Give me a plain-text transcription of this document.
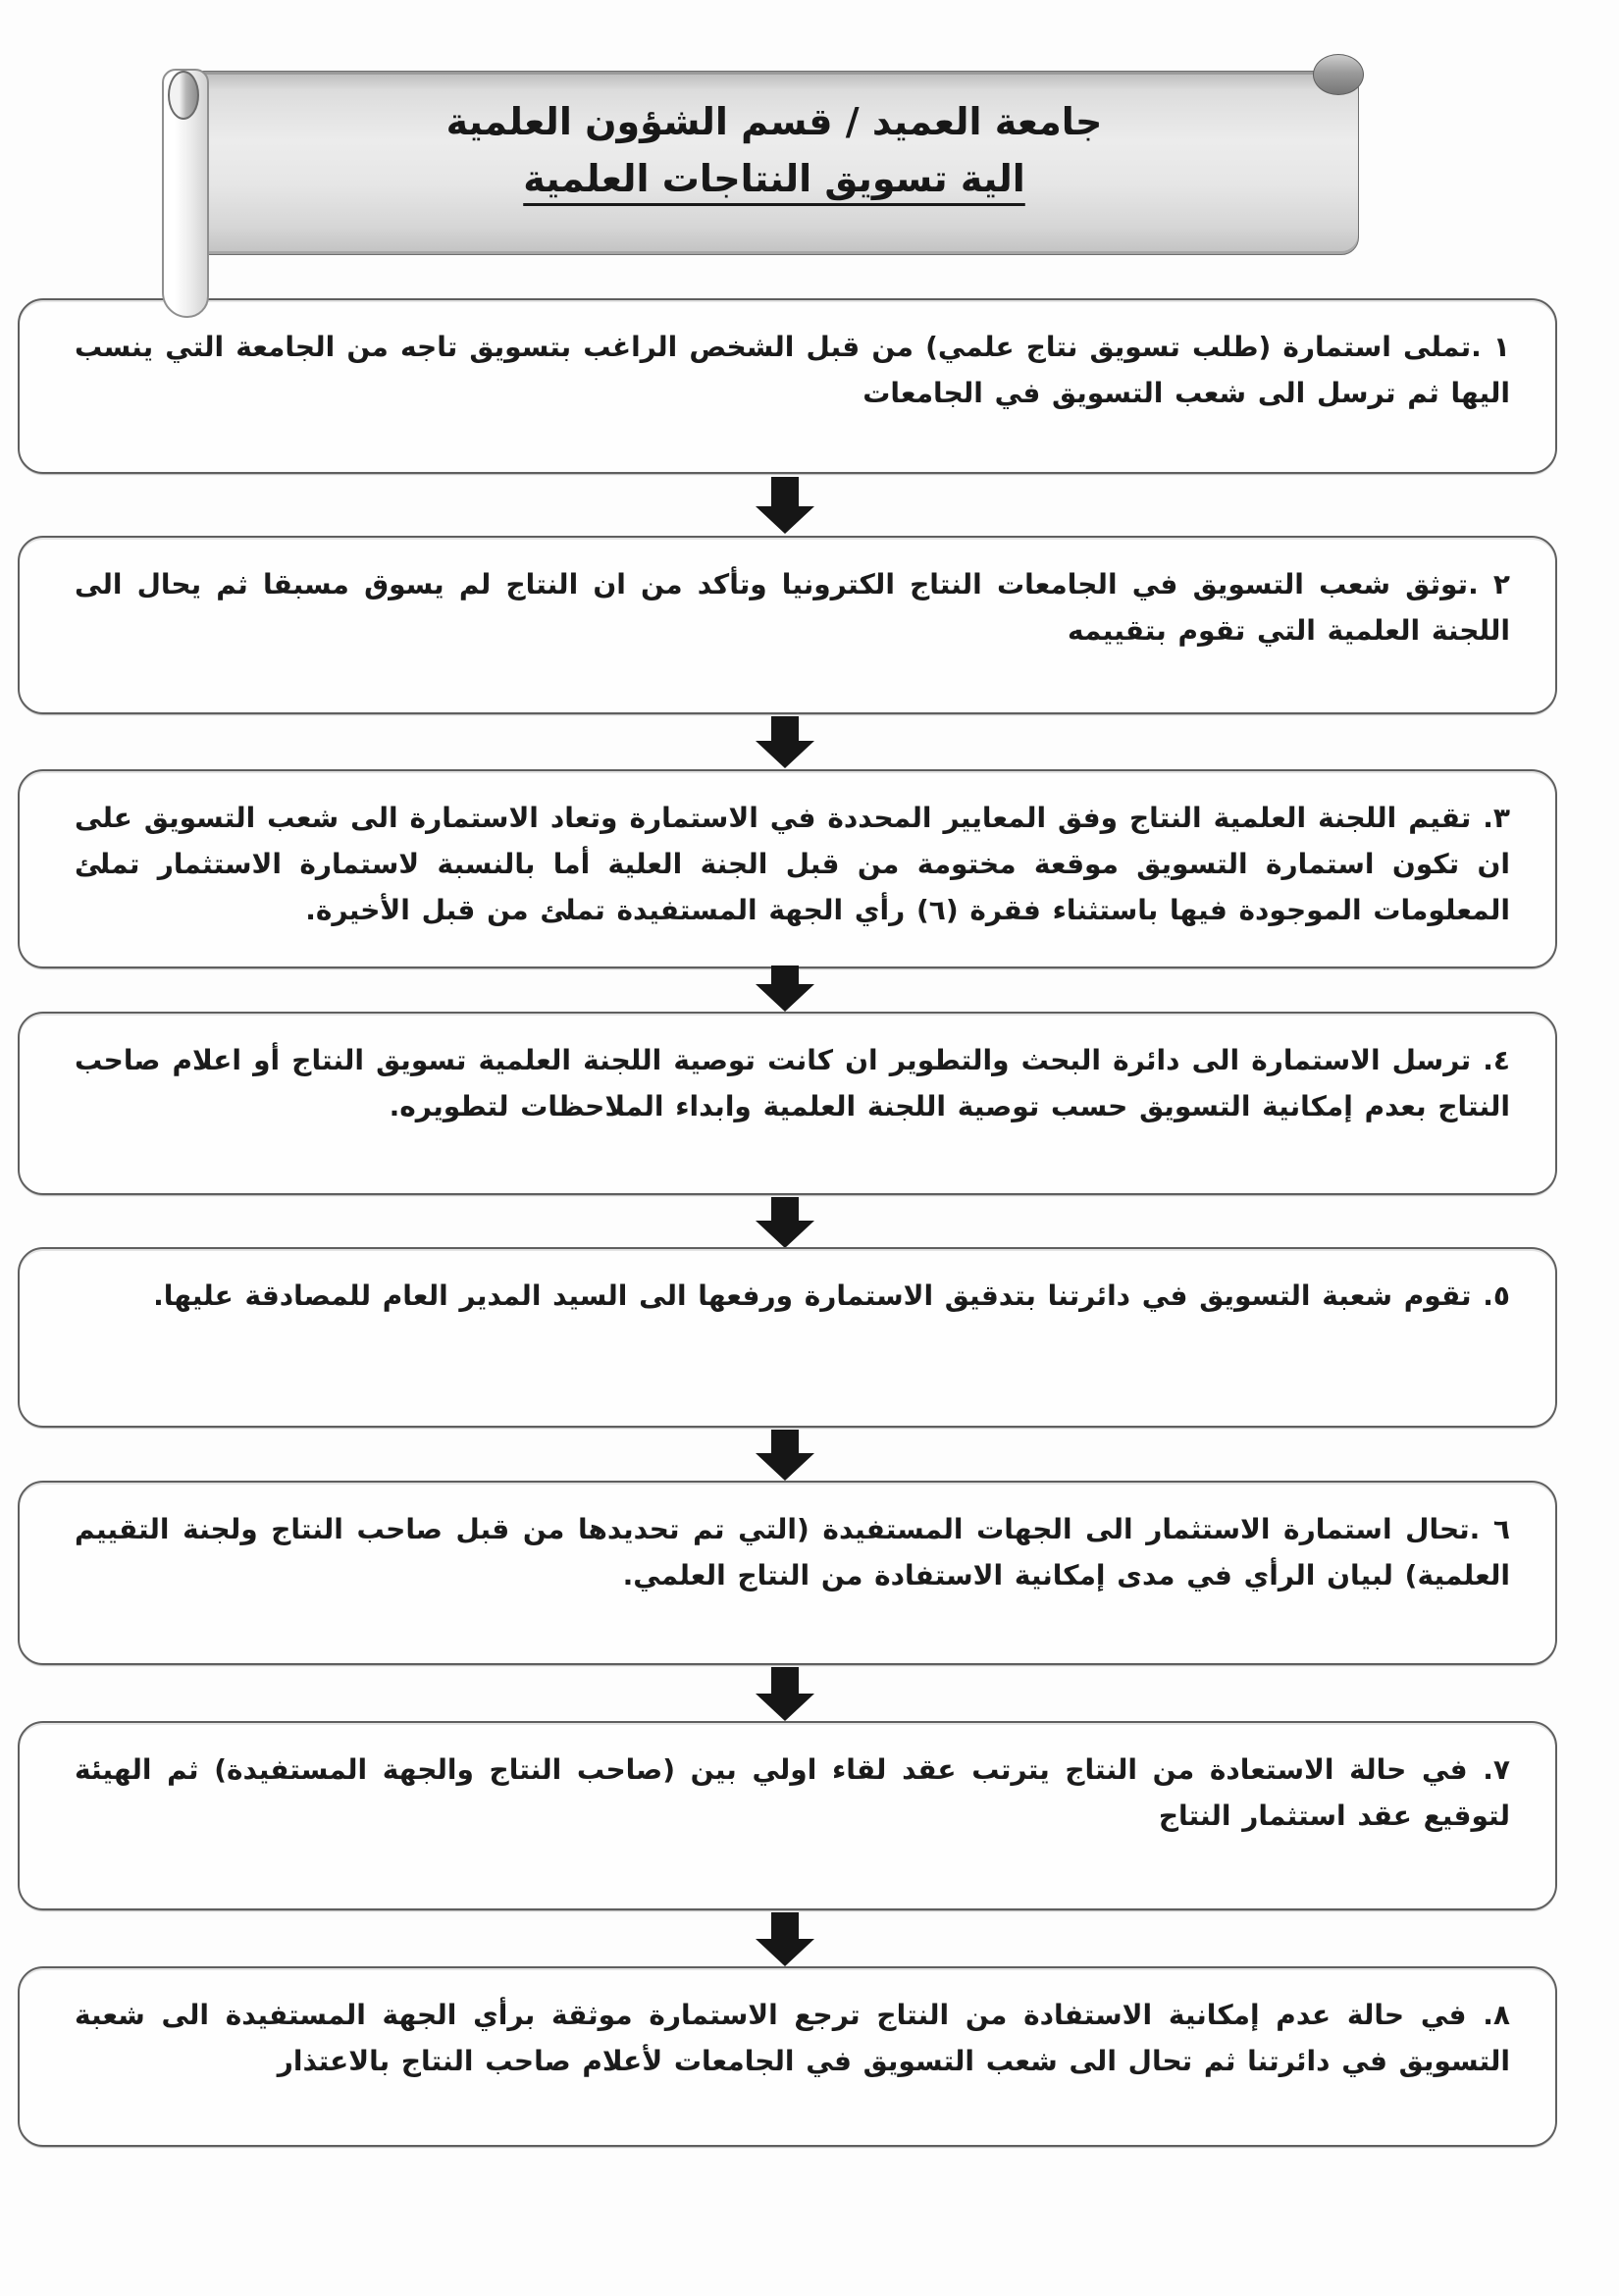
جامعة العميد / قسم الشؤون العلمية
الية تسويق النتاجات العلمية

١ .تملى استمارة (طلب تسويق نتاج علمي) من قبل الشخص الراغب بتسويق تاجه من الجامعة التي ينسب اليها ثم ترسل الى شعب التسويق في الجامعات

٢ .توثق شعب التسويق في الجامعات النتاج الكترونيا وتأكد من ان النتاج لم يسوق مسبقا ثم يحال الى اللجنة العلمية التي تقوم بتقييمه

٣. تقيم اللجنة العلمية النتاج وفق المعايير المحددة في الاستمارة وتعاد الاستمارة الى شعب التسويق على ان تكون استمارة التسويق موقعة مختومة من قبل الجنة العلية أما بالنسبة لاستمارة الاستثمار تملئ المعلومات الموجودة فيها باستثناء فقرة (٦) رأي الجهة المستفيدة تملئ من قبل الأخيرة.

٤. ترسل الاستمارة الى دائرة البحث والتطوير ان كانت توصية اللجنة العلمية تسويق النتاج أو اعلام صاحب النتاج بعدم إمكانية التسويق حسب توصية اللجنة العلمية وابداء الملاحظات لتطويره.

٥. تقوم شعبة التسويق في دائرتنا بتدقيق الاستمارة ورفعها الى السيد المدير العام للمصادقة عليها.

٦ .تحال استمارة الاستثمار الى الجهات المستفيدة (التي تم تحديدها من قبل صاحب النتاج ولجنة التقييم العلمية) لبيان الرأي في مدى إمكانية الاستفادة من النتاج العلمي.

٧. في حالة الاستعادة من النتاج يترتب عقد لقاء اولي بين (صاحب النتاج والجهة المستفيدة) ثم الهيئة لتوقيع عقد استثمار النتاج

٨. في حالة عدم إمكانية الاستفادة من النتاج ترجع الاستمارة موثقة برأي الجهة المستفيدة الى شعبة التسويق في دائرتنا ثم تحال الى شعب التسويق في الجامعات لأعلام صاحب النتاج بالاعتذار
